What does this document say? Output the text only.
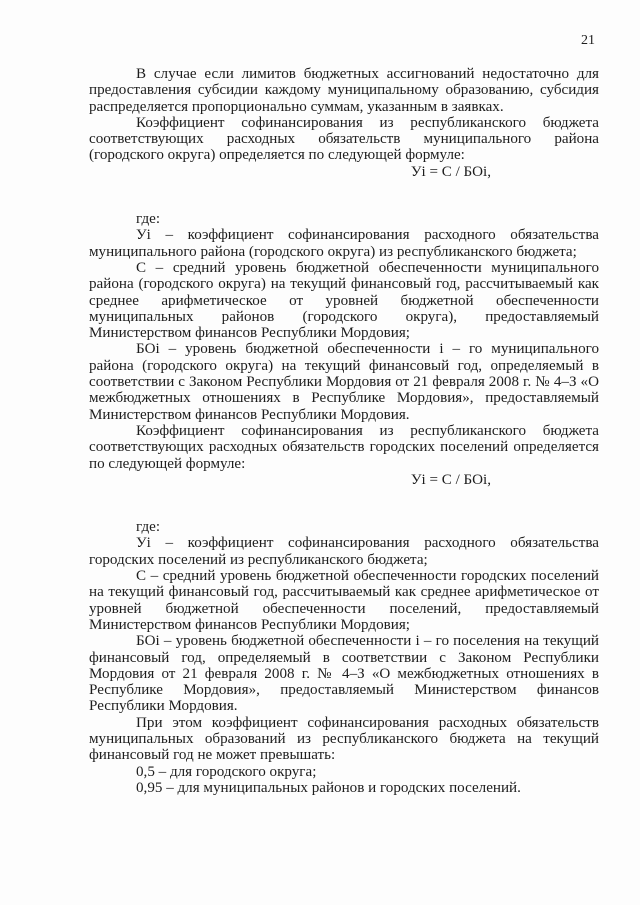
21

В случае если лимитов бюджетных ассигнований недостаточно для предоставления субсидии каждому муниципальному образованию, субсидия распределяется пропорционально суммам, указанным в заявках.

Коэффициент софинансирования из республиканского бюджета соответствующих расходных обязательств муниципального района (городского округа) определяется по следующей формуле:

Уi = С / БОi,

где:

Уi – коэффициент софинансирования расходного обязательства муниципального района (городского округа) из республиканского бюджета;

С – средний уровень бюджетной обеспеченности муниципального района (городского округа) на текущий финансовый год, рассчитываемый как среднее арифметическое от уровней бюджетной обеспеченности муниципальных районов (городского округа), предоставляемый Министерством финансов Республики Мордовия;

БОi – уровень бюджетной обеспеченности i – го муниципального района (городского округа) на текущий финансовый год, определяемый в соответствии с Законом Республики Мордовия от 21 февраля 2008 г. № 4–З «О межбюджетных отношениях в Республике Мордовия», предоставляемый Министерством финансов Республики Мордовия.

Коэффициент софинансирования из республиканского бюджета соответствующих расходных обязательств городских поселений определяется по следующей формуле:

Уi = С / БОi,

где:

Уi – коэффициент софинансирования расходного обязательства городских поселений из республиканского бюджета;

С – средний уровень бюджетной обеспеченности городских поселений на текущий финансовый год, рассчитываемый как среднее арифметическое от уровней бюджетной обеспеченности поселений, предоставляемый Министерством финансов Республики Мордовия;

БОi – уровень бюджетной обеспеченности i – го поселения на текущий финансовый год, определяемый в соответствии с Законом Республики Мордовия от 21 февраля 2008 г. № 4–З «О межбюджетных отношениях в Республике Мордовия», предоставляемый Министерством финансов Республики Мордовия.

При этом коэффициент софинансирования расходных обязательств муниципальных образований из республиканского бюджета на текущий финансовый год не может превышать:

0,5 – для городского округа;

0,95 – для муниципальных районов и городских поселений.
